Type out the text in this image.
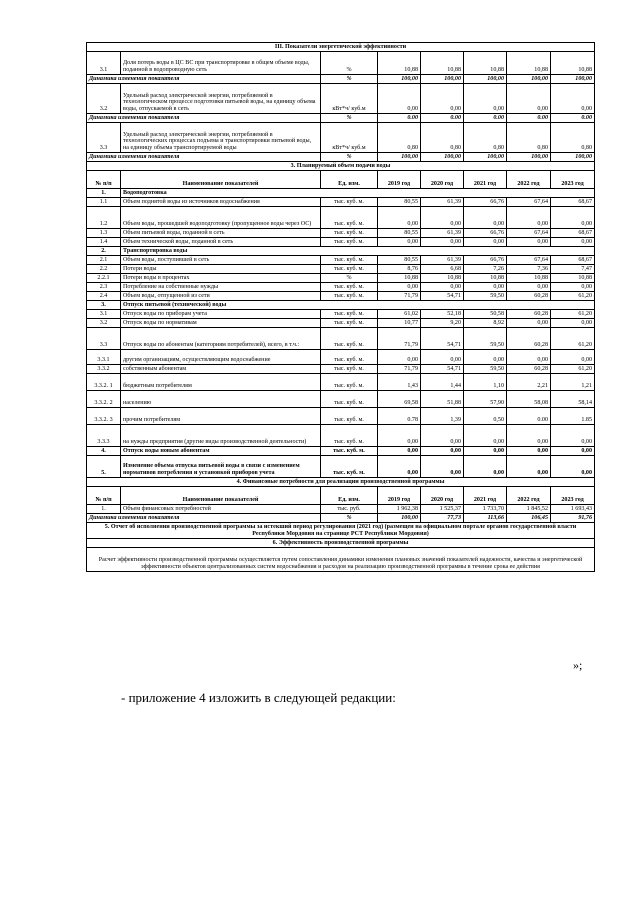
III. Показатели энергетической эффективности							
3.1	Доля потерь воды в ЦС ВС при транспортировке в общем объеме воды, поданной в водопроводную сеть	%	10,88	10,88	10,88	10,88	10,88
Динамика изменения показателя		%	100,00	100,00	100,00	100,00	100,00
3.2	Удельный расход электрической энергии, потребляемой в технологическом процессе подготовки питьевой воды, на единицу объема воды, отпускаемой в сеть	кВт*ч/ куб.м	0,00	0,00	0,00	0,00	0,00
Динамика изменения показателя		%	0.00	0.00	0.00	0.00	0.00
3.3	Удельный расход электрической энергии, потребляемой в технологических процессах подъема и транспортировки питьевой воды, на единицу объема транспортируемой воды	кВт*ч/ куб.м	0,80	0,80	0,80	0,80	0,80
Динамика изменения показателя		%	100,00	100,00	100,00	100,00	100,00
3. Планируемый объем подачи воды							
№ п/п	Наименование показателей	Ед. изм.	2019 год	2020 год	2021 год	2022 год	2023 год
1.	Водоподготовка						
1.1	Объем поднятой воды из источников водоснабжения	тыс. куб. м.	80,55	61,39	66,76	67,64	68,67
1.2	Объем воды, прошедшей водоподготовку (пропущенное воды через ОС)	тыс. куб. м.	0,00	0,00	0,00	0,00	0,00
1.3	Объем питьевой воды, поданной в сеть	тыс. куб. м.	80,55	61,39	66,76	67,64	68,67
1.4	Объем технической воды, поданной в сеть	тыс. куб. м.	0,00	0,00	0,00	0,00	0,00
2.	Транспортировка воды						
2.1	Объем воды, поступившей в сеть	тыс. куб. м.	80,55	61,39	66,76	67,64	68,67
2.2	Потери воды	тыс. куб. м.	8,76	6,68	7,26	7,36	7,47
2.2.1	Потери воды в процентах	%	10,88	10,88	10,88	10,88	10,88
2.3	Потребление на собственные нужды	тыс. куб. м.	0,00	0,00	0,00	0,00	0,00
2.4	Объем воды, отпущенной из сети	тыс. куб. м.	71,79	54,71	59,50	60,28	61,20
3.	Отпуск питьевой (технической) воды						
3.1	Отпуск воды по приборам учета	тыс. куб. м.	61,02	52,18	50,58	60,28	61,20
3.2	Отпуск воды по нормативам	тыс. куб. м.	10,77	9,20	8,92	0,00	0,00
3.3	Отпуск воды по абонентам (категориям потребителей), всего, в т.ч.:	тыс. куб. м.	71,79	54,71	59,50	60,28	61,20
3.3.1	другим организациям, осуществляющим водоснабжение	тыс. куб. м.	0,00	0,00	0,00	0,00	0,00
3.3.2	собственным абонентам	тыс. куб. м.	71,79	54,71	59,50	60,28	61,20
3.3.2. 1	бюджетным потребителям	тыс. куб. м.	1,43	1,44	1,10	2,21	1,21
3.3.2. 2	населению	тыс. куб. м.	69,58	51,88	57,90	58,08	58,14
3.3.2. 3	прочим потребителям	тыс. куб. м.	0.78	1,39	0,50	0.00	1.85
3.3.3	на нужды предприятия (другие виды производственной деятельности)	тыс. куб. м.	0,00	0,00	0,00	0,00	0,00
4.	Отпуск воды новым абонентам	тыс. куб. м.	0,00	0,00	0,00	0,00	0,00
5.	Изменение объема отпуска питьевой воды в связи с изменением нормативов потребления и установкой приборов учета	тыс. куб. м.	0,00	0,00	0,00	0,00	0,00
4. Финансовые потребности для реализации производственной программы							
№ п/п	Наименование показателей	Ед. изм.	2019 год	2020 год	2021 год	2022 год	2023 год
1.	Объем финансовых потребностей	тыс. руб.	1 962,38	1 525,37	1 733,70	1 845,52	1 693,43
Динамика изменения показателя		%	100,00	77,73	113,66	106,45	91,76
5. Отчет об исполнении производственной программы за истекший период регулирования (2021 год) (размещен на официальном портале органов государственной власти Республики Мордовия на странице РСТ Республики Мордовия)							
6. Эффективность производственной программы							
Расчет эффективности производственной программы осуществляется путем сопоставления динамики изменения плановых значений показателей надежности, качества и энергетической эффективности объектов централизованных систем водоснабжения и расходов на реализацию производственной программы в течение срока ее действия							
»;
- приложение 4 изложить в следующей редакции:
